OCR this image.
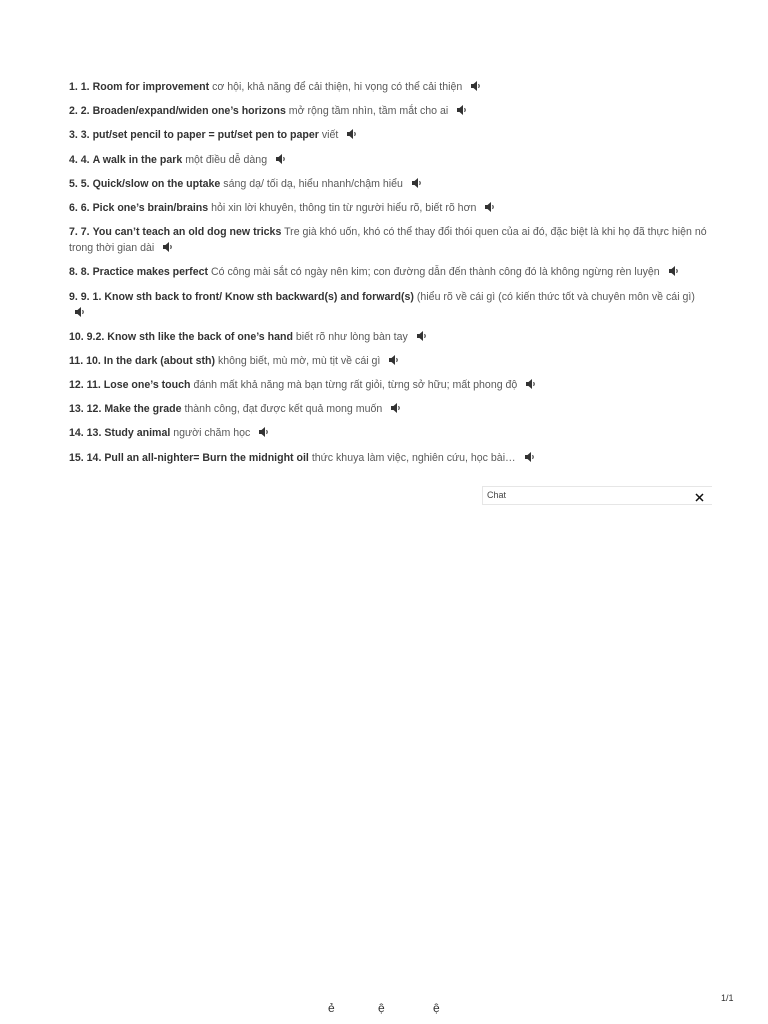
1. 1. Room for improvement cơ hội, khả năng để cải thiện, hi vọng có thể cải thiện
2. 2. Broaden/expand/widen one’s horizons mở rộng tầm nhìn, tầm mắt cho ai
3. 3. put/set pencil to paper = put/set pen to paper viết
4. 4. A walk in the park một điều dễ dàng
5. 5. Quick/slow on the uptake sáng dạ/ tối dạ, hiểu nhanh/chậm hiểu
6. 6. Pick one’s brain/brains hỏi xin lời khuyên, thông tin từ người hiểu rõ, biết rõ hơn
7. 7. You can’t teach an old dog new tricks Tre già khó uốn, khó có thể thay đổi thói quen của ai đó, đặc biệt là khi họ đã thực hiện nó trong thời gian dài
8. 8. Practice makes perfect Có công mài sắt có ngày nên kim; con đường dẫn đến thành công đó là không ngừng rèn luyện
9. 9. 1. Know sth back to front/ Know sth backward(s) and forward(s) (hiểu rõ về cái gì (có kiến thức tốt và chuyên môn về cái gì)
10. 9.2. Know sth like the back of one’s hand biết rõ như lòng bàn tay
11. 10. In the dark (about sth) không biết, mù mờ, mù tịt về cái gì
12. 11. Lose one’s touch đánh mất khả năng mà bạn từng rất giỏi, từng sở hữu; mất phong độ
13. 12. Make the grade thành công, đạt được kết quả mong muốn
14. 13. Study animal người chăm học
15. 14. Pull an all-nighter= Burn the midnight oil thức khuya làm việc, nghiên cứu, học bài…
Chat
1/1
ẻ	ệ	ệ
